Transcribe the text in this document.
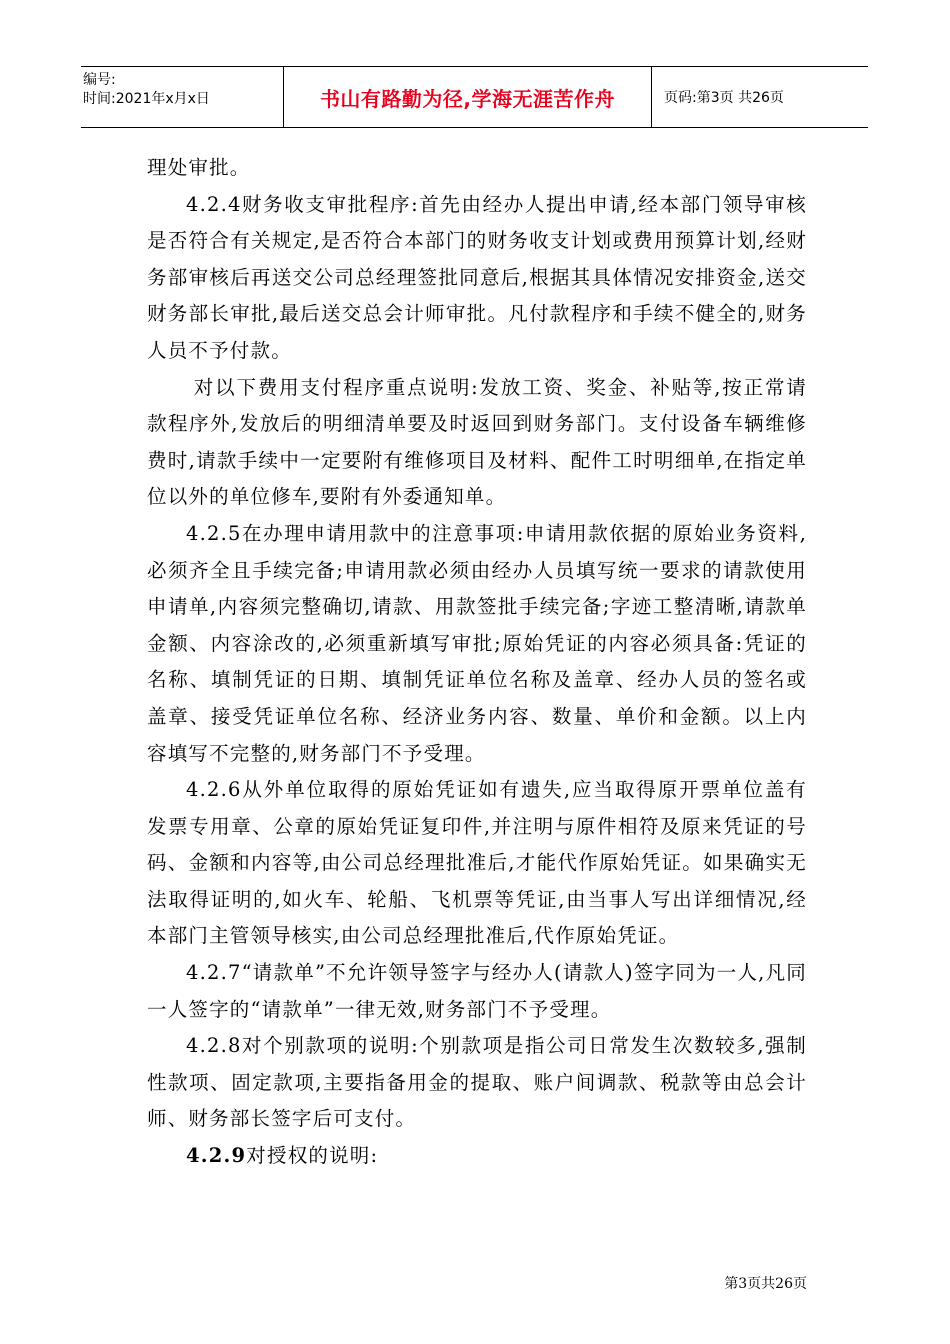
编号:
时间:2021年x月x日	书山有路勤为径,学海无涯苦作舟	页码:第3页 共26页

理处审批。

4.2.4财务收支审批程序:首先由经办人提出申请,经本部门领导审核是否符合有关规定,是否符合本部门的财务收支计划或费用预算计划,经财务部审核后再送交公司总经理签批同意后,根据其具体情况安排资金,送交财务部长审批,最后送交总会计师审批。凡付款程序和手续不健全的,财务人员不予付款。

对以下费用支付程序重点说明:发放工资、奖金、补贴等,按正常请款程序外,发放后的明细清单要及时返回到财务部门。支付设备车辆维修费时,请款手续中一定要附有维修项目及材料、配件工时明细单,在指定单位以外的单位修车,要附有外委通知单。

4.2.5在办理申请用款中的注意事项:申请用款依据的原始业务资料,必须齐全且手续完备;申请用款必须由经办人员填写统一要求的请款使用申请单,内容须完整确切,请款、用款签批手续完备;字迹工整清晰,请款单金额、内容涂改的,必须重新填写审批;原始凭证的内容必须具备:凭证的名称、填制凭证的日期、填制凭证单位名称及盖章、经办人员的签名或盖章、接受凭证单位名称、经济业务内容、数量、单价和金额。以上内容填写不完整的,财务部门不予受理。

4.2.6从外单位取得的原始凭证如有遗失,应当取得原开票单位盖有发票专用章、公章的原始凭证复印件,并注明与原件相符及原来凭证的号码、金额和内容等,由公司总经理批准后,才能代作原始凭证。如果确实无法取得证明的,如火车、轮船、飞机票等凭证,由当事人写出详细情况,经本部门主管领导核实,由公司总经理批准后,代作原始凭证。

4.2.7“请款单”不允许领导签字与经办人(请款人)签字同为一人,凡同一人签字的“请款单”一律无效,财务部门不予受理。

4.2.8对个别款项的说明:个别款项是指公司日常发生次数较多,强制性款项、固定款项,主要指备用金的提取、账户间调款、税款等由总会计师、财务部长签字后可支付。

4.2.9对授权的说明:

第3页共26页
